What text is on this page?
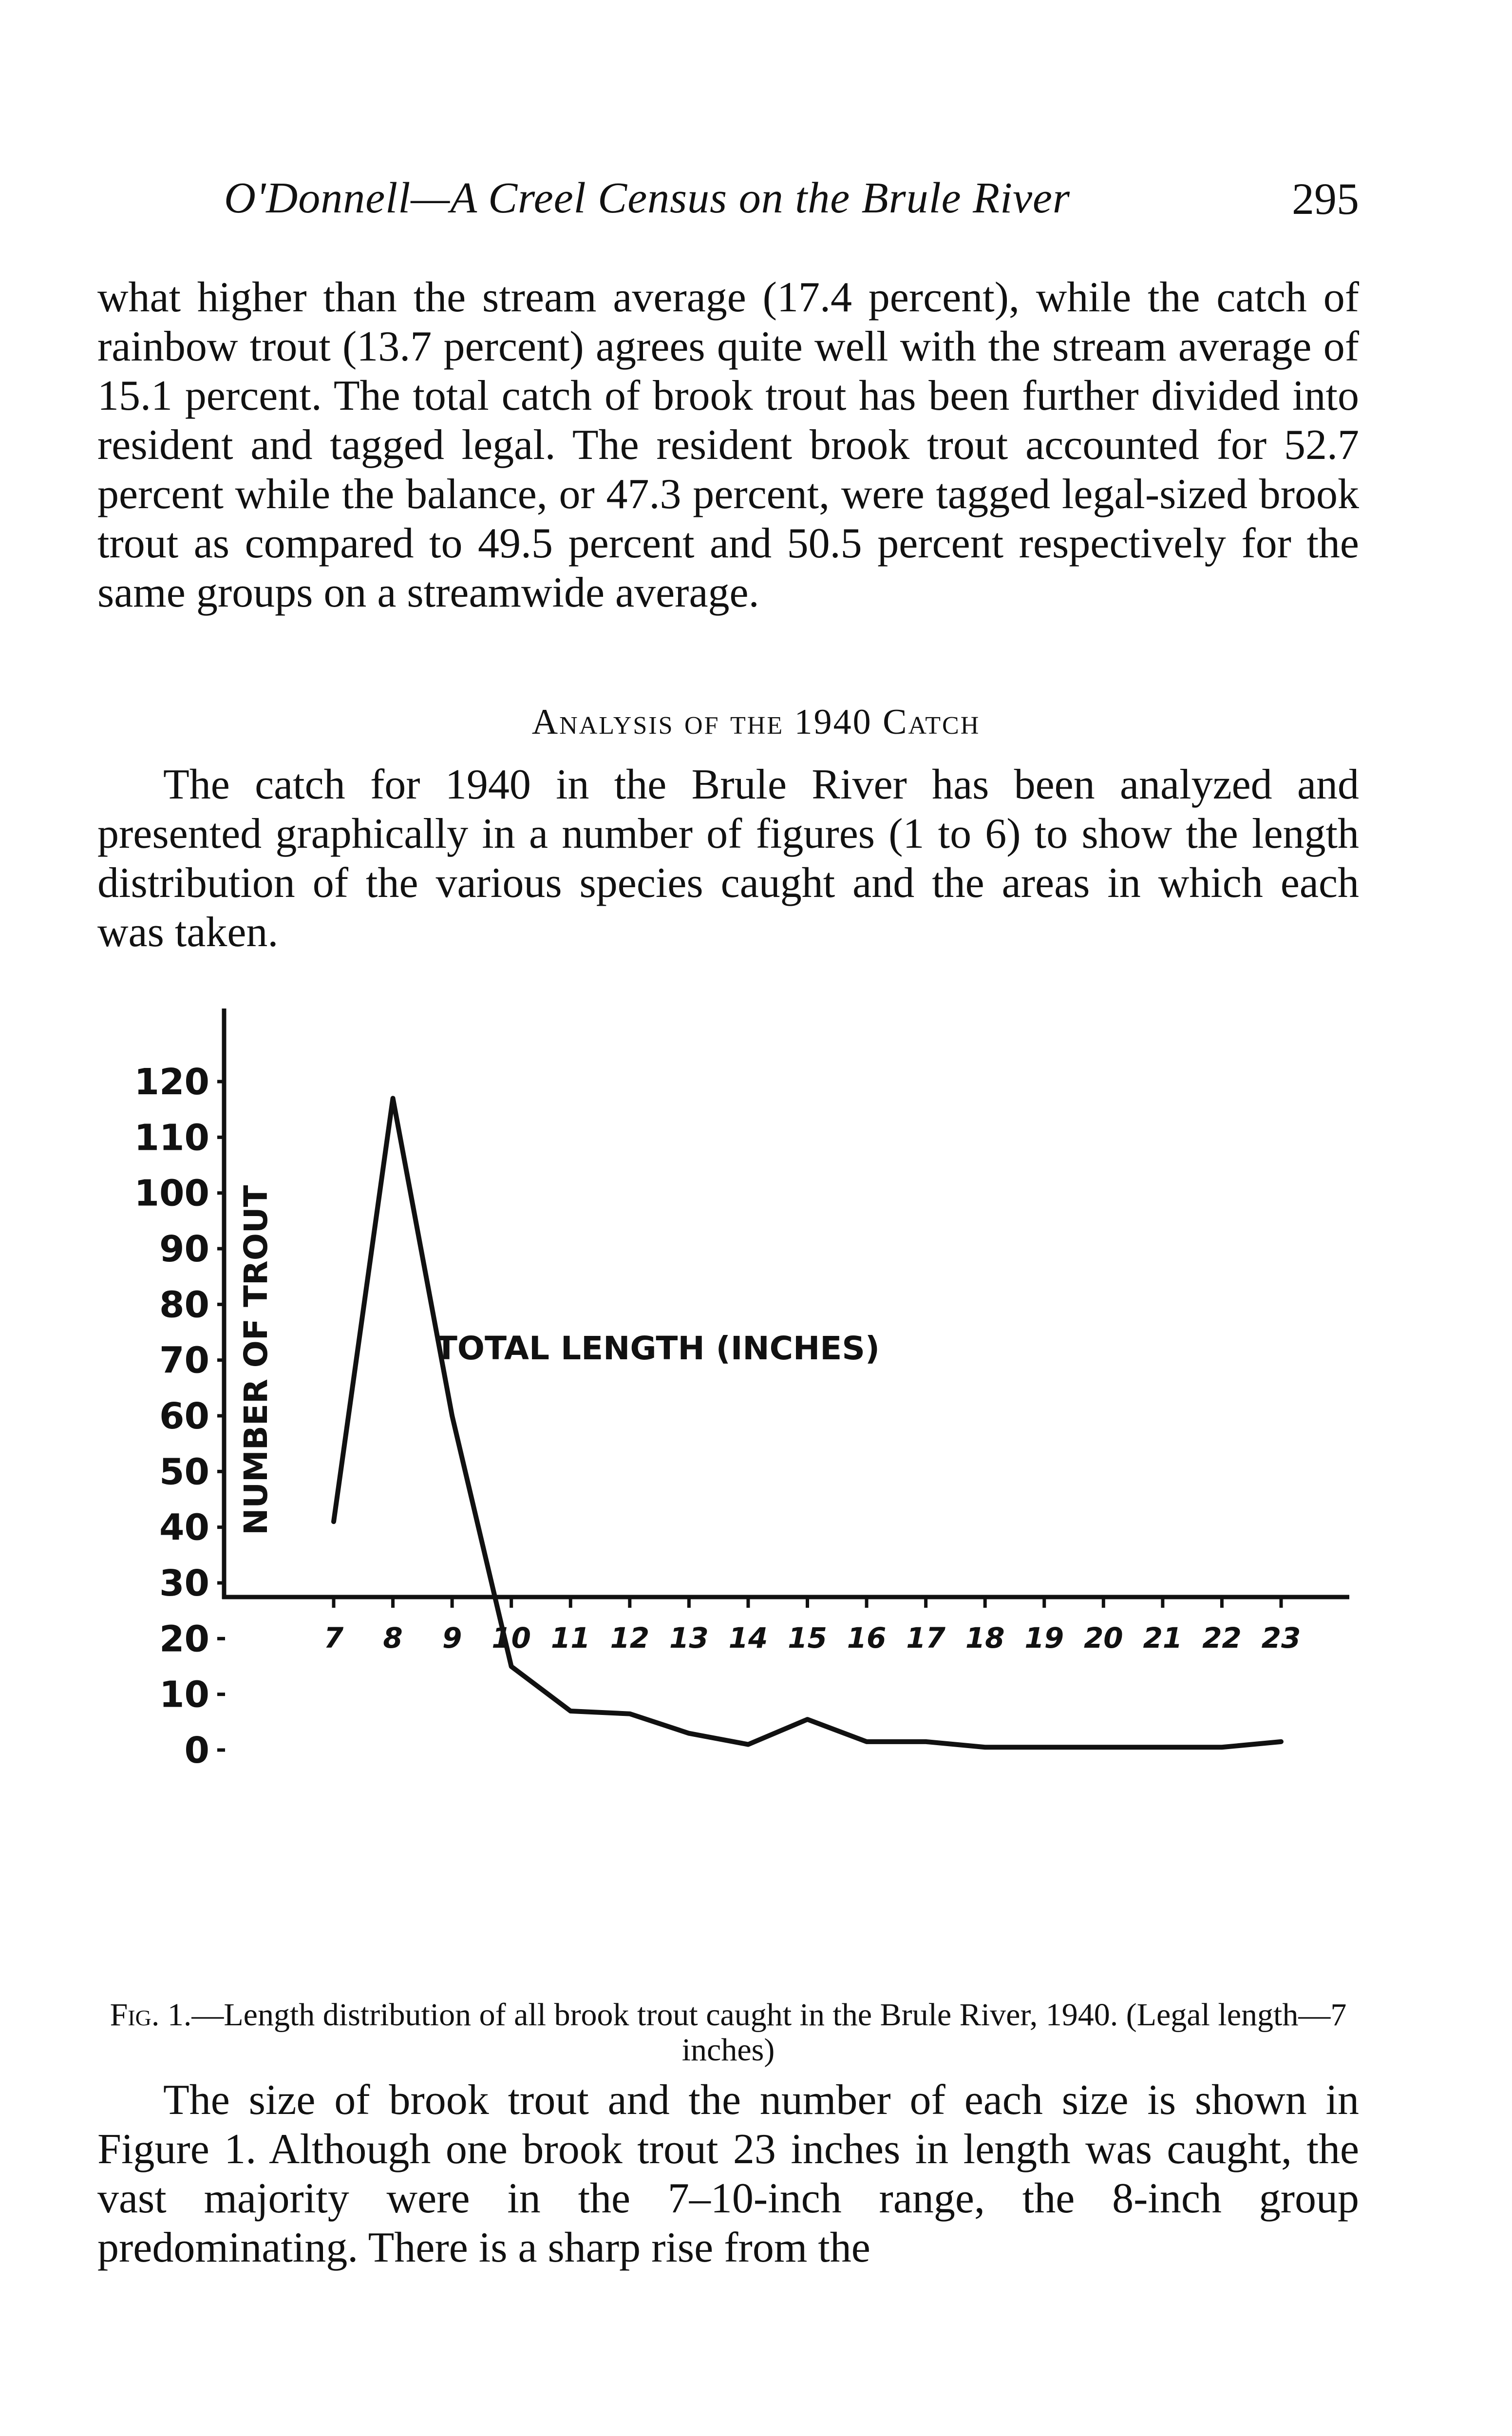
O'Donnell—A Creel Census on the Brule River	295

what higher than the stream average (17.4 percent), while the catch of rainbow trout (13.7 percent) agrees quite well with the stream average of 15.1 percent. The total catch of brook trout has been further divided into resident and tagged legal. The resident brook trout accounted for 52.7 percent while the balance, or 47.3 percent, were tagged legal-sized brook trout as compared to 49.5 percent and 50.5 percent respectively for the same groups on a streamwide average.

Analysis of the 1940 Catch

The catch for 1940 in the Brule River has been analyzed and presented graphically in a number of figures (1 to 6) to show the length distribution of the various species caught and the areas in which each was taken.

0
10
20
30
40
50
60
70
80
90
100
110
120
7 8 9 10 11 12 13 14 15 16 17 18 19 20 21 22 23
NUMBER OF TROUT	TOTAL LENGTH (INCHES)
Fig. 1.—Length distribution of all brook trout caught in the Brule River, 1940. (Legal length—7 inches)

The size of brook trout and the number of each size is shown in Figure 1. Although one brook trout 23 inches in length was caught, the vast majority were in the 7–10-inch range, the 8-inch group predominating. There is a sharp rise from the
